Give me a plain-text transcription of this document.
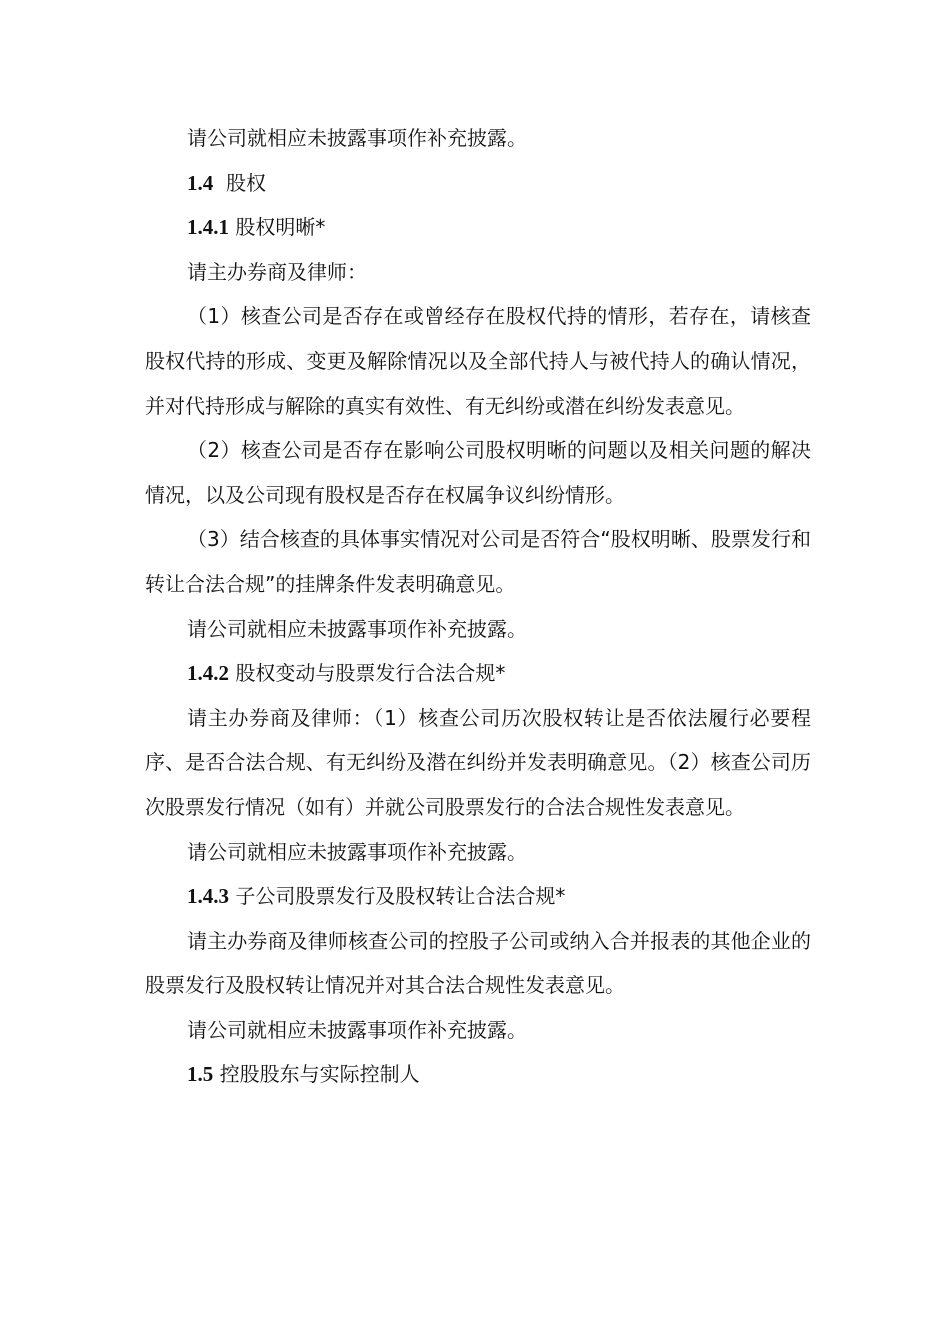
请公司就相应未披露事项作补充披露。

1.4 股权

1.4.1 股权明晰*

请主办券商及律师：

（1）核查公司是否存在或曾经存在股权代持的情形，若存在，请核查股权代持的形成、变更及解除情况以及全部代持人与被代持人的确认情况，并对代持形成与解除的真实有效性、有无纠纷或潜在纠纷发表意见。

（2）核查公司是否存在影响公司股权明晰的问题以及相关问题的解决情况，以及公司现有股权是否存在权属争议纠纷情形。

（3）结合核查的具体事实情况对公司是否符合“股权明晰、股票发行和转让合法合规”的挂牌条件发表明确意见。

请公司就相应未披露事项作补充披露。

1.4.2 股权变动与股票发行合法合规*

请主办券商及律师：（1）核查公司历次股权转让是否依法履行必要程序、是否合法合规、有无纠纷及潜在纠纷并发表明确意见。（2）核查公司历次股票发行情况（如有）并就公司股票发行的合法合规性发表意见。

请公司就相应未披露事项作补充披露。

1.4.3 子公司股票发行及股权转让合法合规*

请主办券商及律师核查公司的控股子公司或纳入合并报表的其他企业的股票发行及股权转让情况并对其合法合规性发表意见。

请公司就相应未披露事项作补充披露。

1.5 控股股东与实际控制人
